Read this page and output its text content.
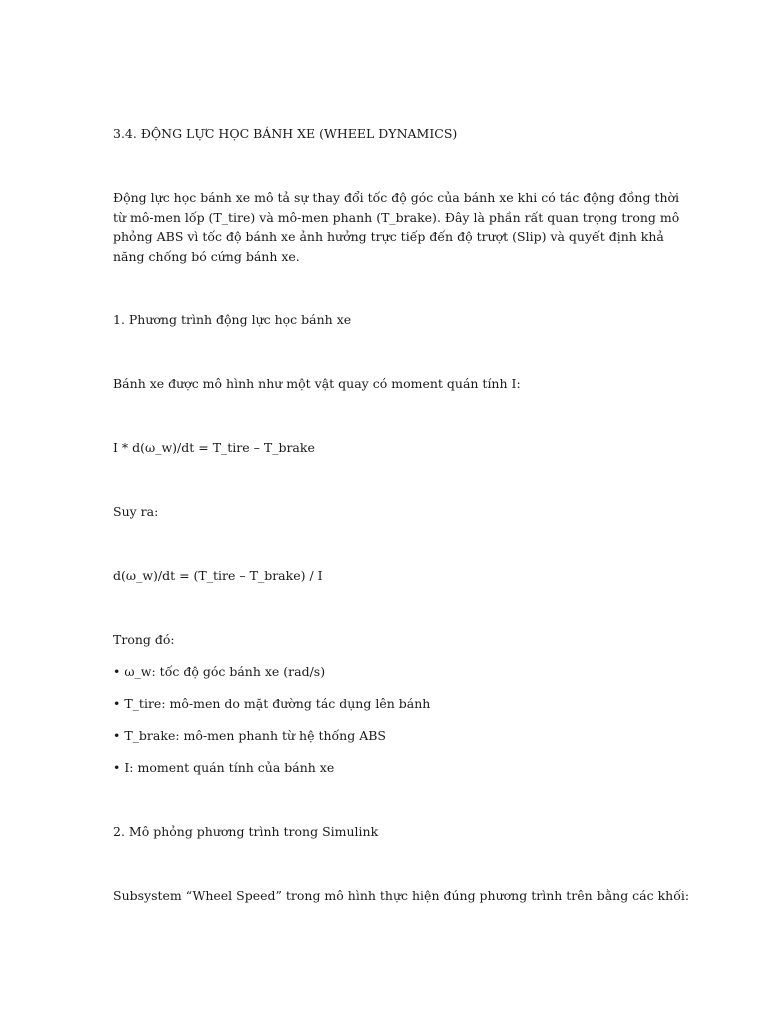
3.4. ĐỘNG LỰC HỌC BÁNH XE (WHEEL DYNAMICS)

Động lực học bánh xe mô tả sự thay đổi tốc độ góc của bánh xe khi có tác động đồng thời
từ mô-men lốp (T_tire) và mô-men phanh (T_brake). Đây là phần rất quan trọng trong mô
phỏng ABS vì tốc độ bánh xe ảnh hưởng trực tiếp đến độ trượt (Slip) và quyết định khả
năng chống bó cứng bánh xe.

1. Phương trình động lực học bánh xe

Bánh xe được mô hình như một vật quay có moment quán tính I:

I * d(ω_w)/dt = T_tire – T_brake

Suy ra:

d(ω_w)/dt = (T_tire – T_brake) / I

Trong đó:

• ω_w: tốc độ góc bánh xe (rad/s)

• T_tire: mô-men do mặt đường tác dụng lên bánh

• T_brake: mô-men phanh từ hệ thống ABS

• I: moment quán tính của bánh xe

2. Mô phỏng phương trình trong Simulink

Subsystem “Wheel Speed” trong mô hình thực hiện đúng phương trình trên bằng các khối:
